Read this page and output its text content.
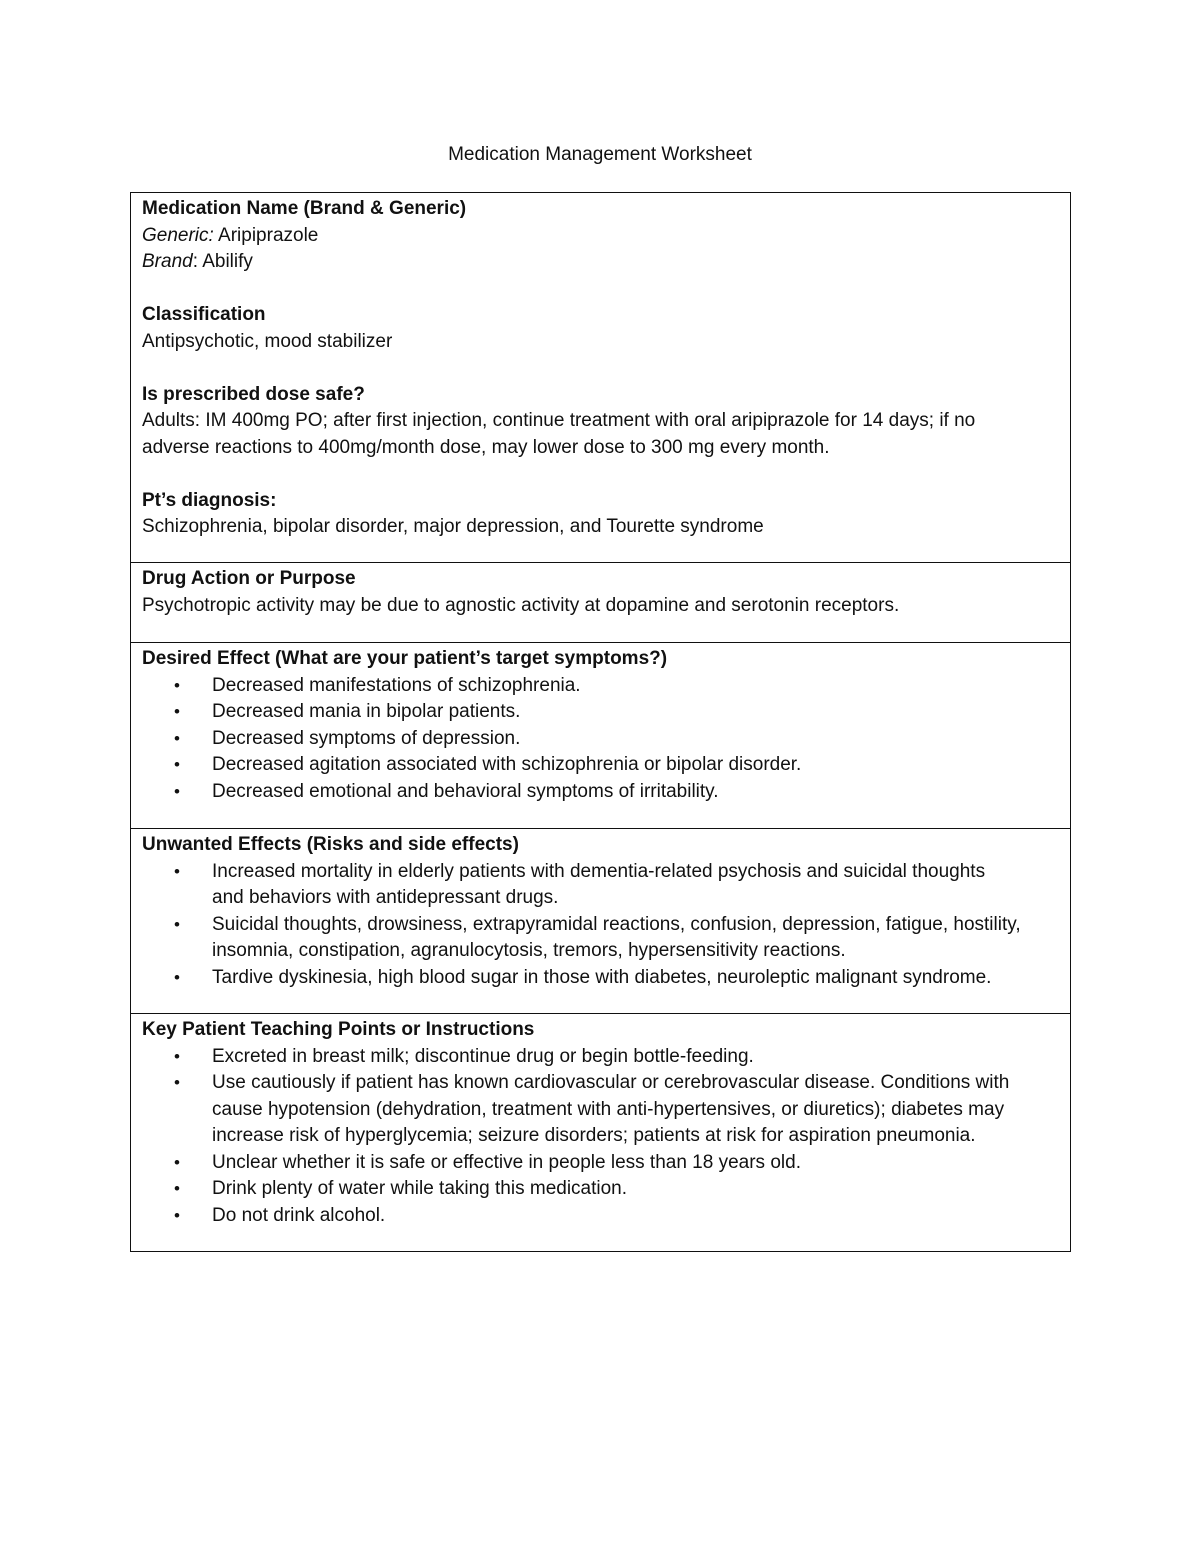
Medication Management Worksheet
Medication Name (Brand & Generic)
Generic: Aripiprazole
Brand: Abilify
Classification
Antipsychotic, mood stabilizer
Is prescribed dose safe?
Adults: IM 400mg PO; after first injection, continue treatment with oral aripiprazole for 14 days; if no
adverse reactions to 400mg/month dose, may lower dose to 300 mg every month.
Pt’s diagnosis:
Schizophrenia, bipolar disorder, major depression, and Tourette syndrome
Drug Action or Purpose
Psychotropic activity may be due to agnostic activity at dopamine and serotonin receptors.
Desired Effect (What are your patient’s target symptoms?)
• Decreased manifestations of schizophrenia.
• Decreased mania in bipolar patients.
• Decreased symptoms of depression.
• Decreased agitation associated with schizophrenia or bipolar disorder.
• Decreased emotional and behavioral symptoms of irritability.
Unwanted Effects (Risks and side effects)
• Increased mortality in elderly patients with dementia-related psychosis and suicidal thoughts
and behaviors with antidepressant drugs.
• Suicidal thoughts, drowsiness, extrapyramidal reactions, confusion, depression, fatigue, hostility,
insomnia, constipation, agranulocytosis, tremors, hypersensitivity reactions.
• Tardive dyskinesia, high blood sugar in those with diabetes, neuroleptic malignant syndrome.
Key Patient Teaching Points or Instructions
• Excreted in breast milk; discontinue drug or begin bottle-feeding.
• Use cautiously if patient has known cardiovascular or cerebrovascular disease. Conditions with
cause hypotension (dehydration, treatment with anti-hypertensives, or diuretics); diabetes may
increase risk of hyperglycemia; seizure disorders; patients at risk for aspiration pneumonia.
• Unclear whether it is safe or effective in people less than 18 years old.
• Drink plenty of water while taking this medication.
• Do not drink alcohol.
